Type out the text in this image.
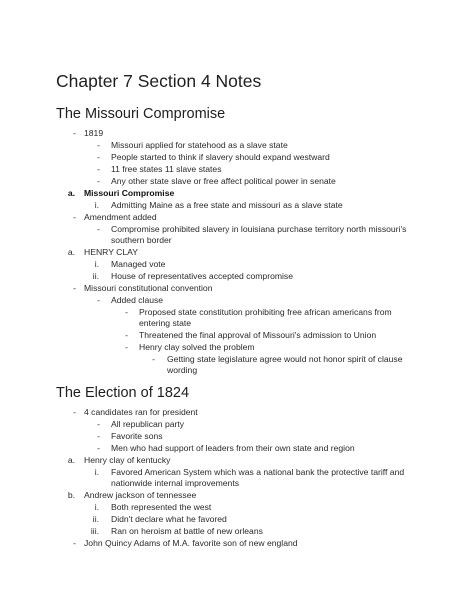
Chapter 7 Section 4 Notes
The Missouri Compromise
- 1819
- Missouri applied for statehood as a slave state
- People started to think if slavery should expand westward
- 11 free states 11 slave states
- Any other state slave or free affect political power in senate
a. Missouri Compromise
i. Admitting Maine as a free state and missouri as a slave state
- Amendment added
- Compromise prohibited slavery in louisiana purchase territory north missouri's
southern border
a. HENRY CLAY
i. Managed vote
ii. House of representatives accepted compromise
- Missouri constitutional convention
- Added clause
- Proposed state constitution prohibiting free african americans from
entering state
- Threatened the final approval of Missouri's admission to Union
- Henry clay solved the problem
- Getting state legislature agree would not honor spirit of clause
wording
The Election of 1824
- 4 candidates ran for president
- All republican party
- Favorite sons
- Men who had support of leaders from their own state and region
a. Henry clay of kentucky
i. Favored American System which was a national bank the protective tariff and
nationwide internal improvements
b. Andrew jackson of tennessee
i. Both represented the west
ii. Didn't declare what he favored
iii. Ran on heroism at battle of new orleans
- John Quincy Adams of M.A. favorite son of new england
